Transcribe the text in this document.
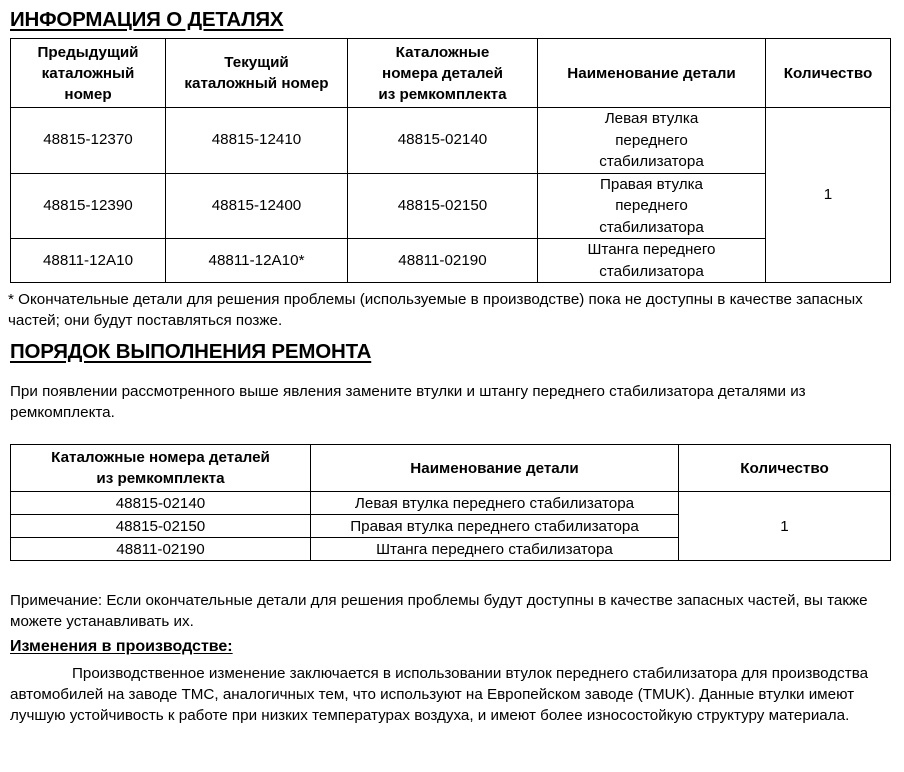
ИНФОРМАЦИЯ О ДЕТАЛЯХ
Предыдущий
каталожный
номер	Текущий
каталожный номер	Каталожные
номера деталей
из ремкомплекта	Наименование детали	Количество
48815-12370	48815-12410	48815-02140	Левая втулка
переднего
стабилизатора	1
48815-12390	48815-12400	48815-02150	Правая втулка
переднего
стабилизатора	

48811-12A10	48811-12A10*	48811-02190	Штанга переднего
стабилизатора	
* Окончательные детали для решения проблемы (используемые в производстве) пока не доступны в качестве запасных частей; они будут поставляться позже.
ПОРЯДОК ВЫПОЛНЕНИЯ РЕМОНТА
При появлении рассмотренного выше явления замените втулки и штангу переднего стабилизатора деталями из ремкомплекта.
Каталожные номера деталей
из ремкомплекта	Наименование детали	Количество
48815-02140	Левая втулка переднего стабилизатора	1
48815-02150	Правая втулка переднего стабилизатора	
48811-02190	Штанга переднего стабилизатора	
Примечание: Если окончательные детали для решения проблемы будут доступны в качестве запасных частей, вы также можете устанавливать их.
Изменения в производстве:
Производственное изменение заключается в использовании втулок переднего стабилизатора для производства автомобилей на заводе TMC, аналогичных тем, что используют на Европейском заводе (TMUK). Данные втулки имеют лучшую устойчивость к работе при низких температурах воздуха, и имеют более износостойкую структуру материала.
